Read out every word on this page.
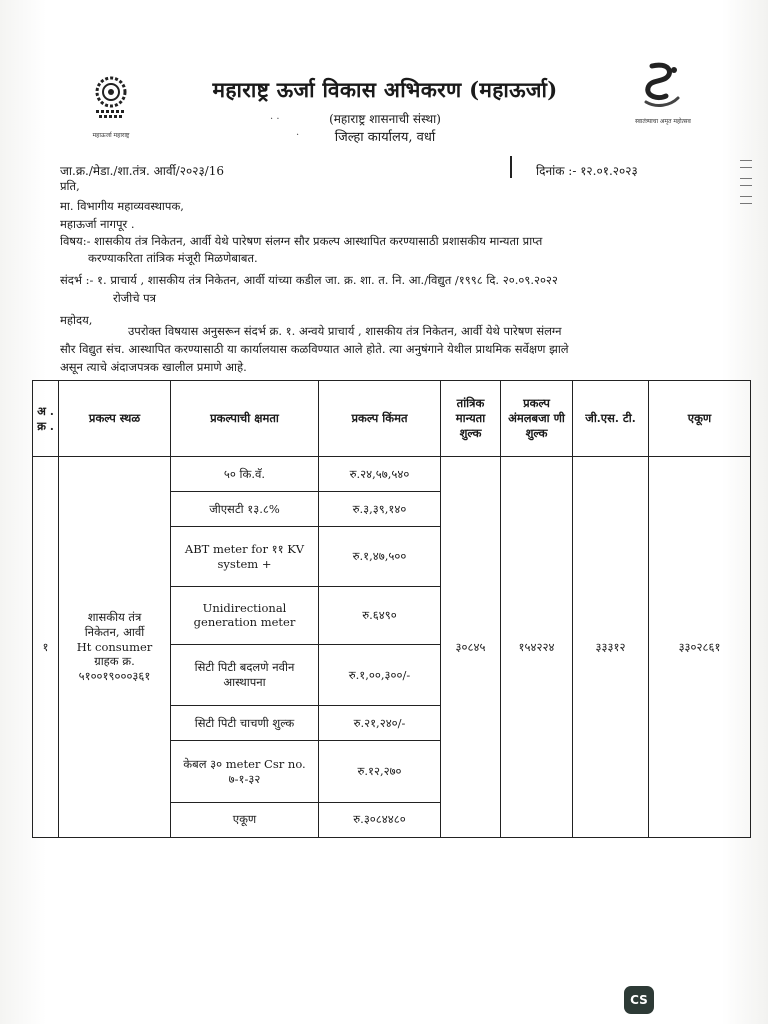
महाऊर्जा महाराष्ट्र
स्वातंत्र्याचा अमृत महोत्सव
महाराष्ट्र ऊर्जा विकास अभिकरण (महाऊर्जा)
(महाराष्ट्र शासनाची संस्था)
जिल्हा कार्यालय, वर्धा
· ·
·
जा.क्र./मेडा./शा.तंत्र. आर्वी/२०२३/16	दिनांक :- १२.०१.२०२३
प्रति,
मा. विभागीय महाव्यवस्थापक,
महाऊर्जा नागपूर .
विषय:- शासकीय तंत्र निकेतन, आर्वी येथे पारेषण संलग्न सौर प्रकल्प आस्थापित करण्यासाठी प्रशासकीय मान्यता प्राप्त
करण्याकरिता तांत्रिक मंजूरी मिळणेबाबत.
संदर्भ :- १. प्राचार्य , शासकीय तंत्र निकेतन, आर्वी यांच्या कडील जा. क्र. शा. त. नि. आ./विद्युत /१९९८ दि. २०.०९.२०२२
रोजीचे पत्र
महोदय,
उपरोक्त विषयास अनुसरून संदर्भ क्र. १. अन्वये प्राचार्य , शासकीय तंत्र निकेतन, आर्वी येथे पारेषण संलग्न
सौर विद्युत संच. आस्थापित करण्यासाठी या कार्यालयास कळविण्यात आले होते. त्या अनुषंगाने येथील प्राथमिक सर्वेक्षण झाले
असून त्याचे अंदाजपत्रक खालील प्रमाणे आहे.
अ . क्र .	प्रकल्प स्थळ	प्रकल्पाची क्षमता	प्रकल्प किंमत	तांत्रिक मान्यता शुल्क	प्रकल्प अंमलबजा णी शुल्क	जी.एस. टी.	एकूण
१	शासकीय तंत्र
निकेतन, आर्वी
Ht consumer
ग्राहक क्र.
५१००१९०००३६१	५० कि.वॅ.	रु.२४,५७,५४०	३०८४५	१५४२२४	३३३१२	३३०२८६१
		जीएसटी १३.८%	रु.३,३९,१४०				
		ABT meter for ११ KV system +	रु.१,४७,५००				
		Unidirectional generation meter	रु.६४९०				
		सिटी पिटी बदलणे नवीन आस्थापना	रु.१,००,३००/-				
		सिटी पिटी चाचणी शुल्क	रु.२१,२४०/-				
		केबल ३० meter Csr no. ७-१-३२	रु.१२,२७०				
		एकूण	रु.३०८४४८०				
CS
